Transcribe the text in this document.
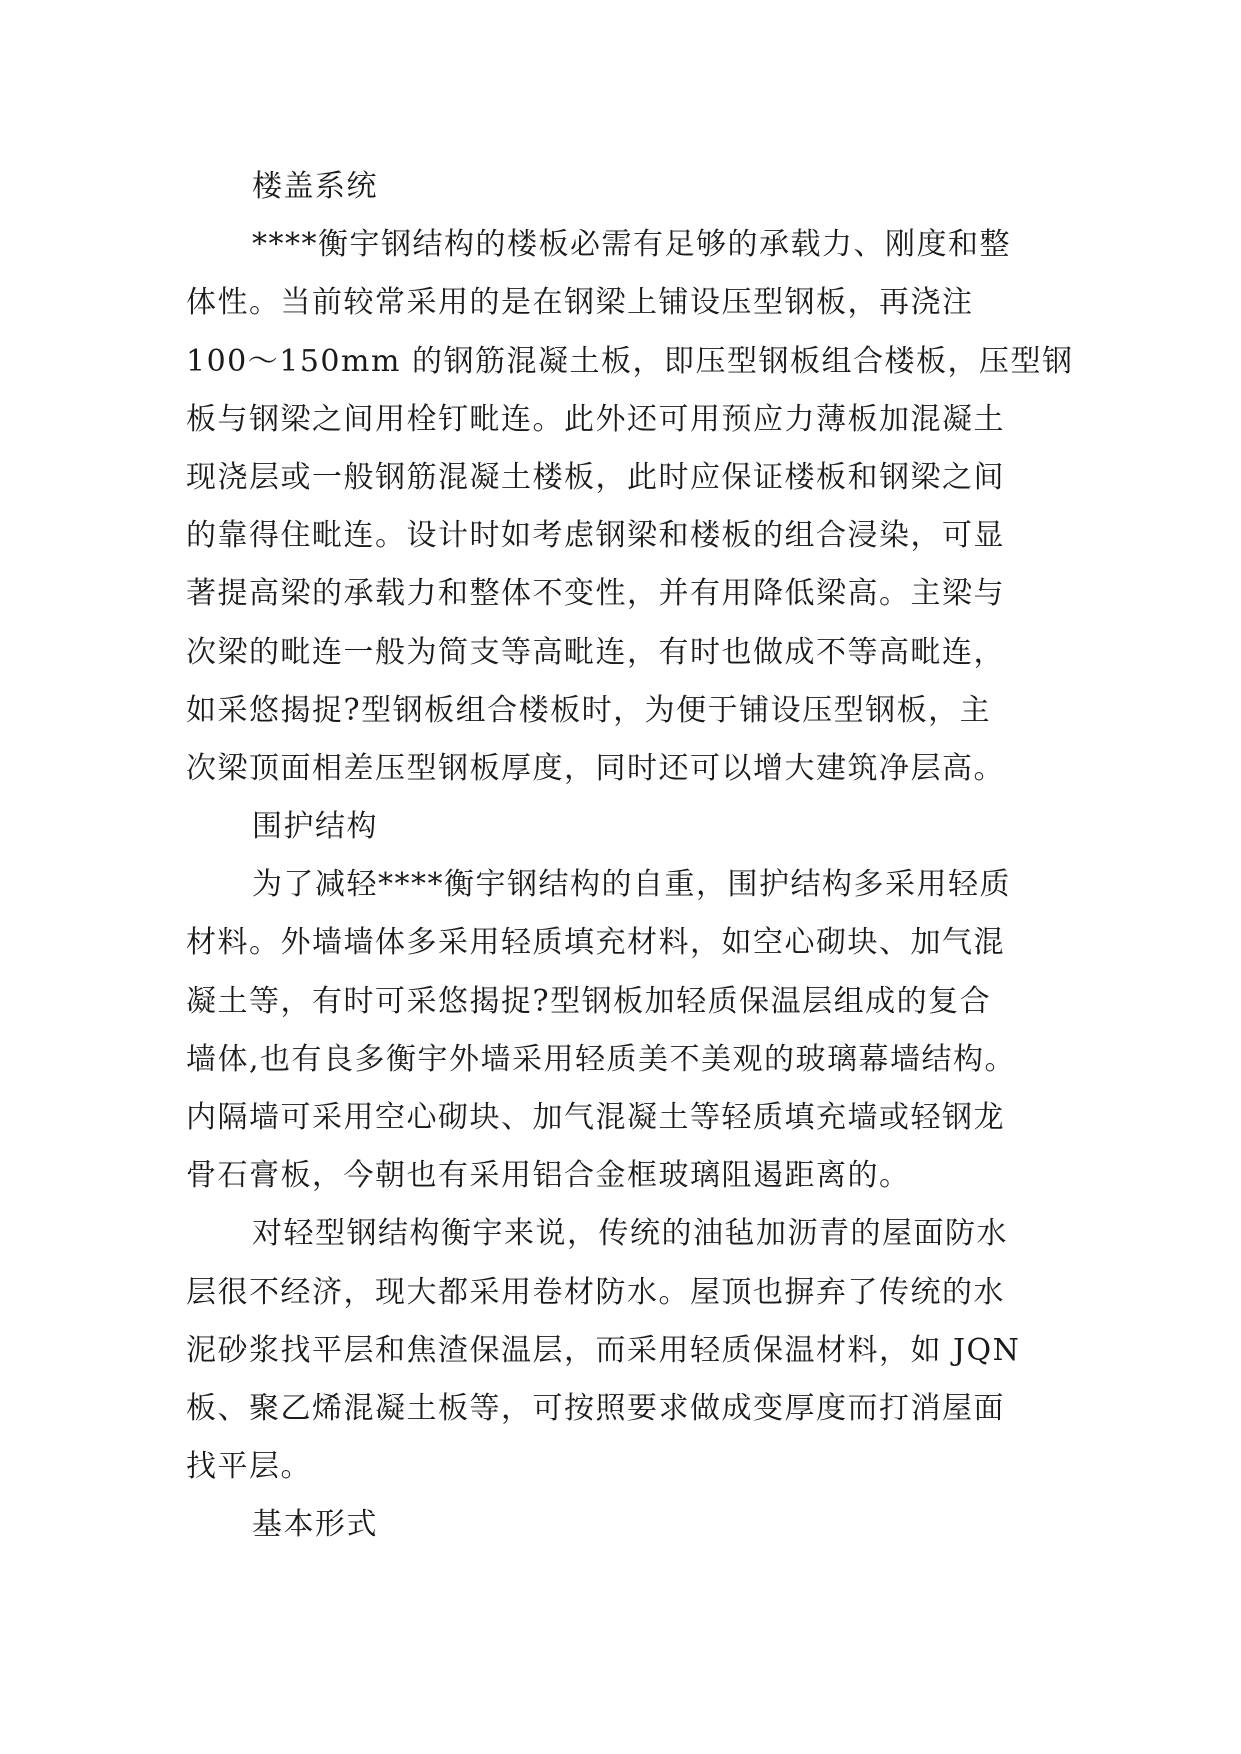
楼盖系统
****衡宇钢结构的楼板必需有足够的承载力、刚度和整
体性。当前较常采用的是在钢梁上铺设压型钢板，再浇注
100～150mm 的钢筋混凝土板，即压型钢板组合楼板，压型钢
板与钢梁之间用栓钉毗连。此外还可用预应力薄板加混凝土
现浇层或一般钢筋混凝土楼板，此时应保证楼板和钢梁之间
的靠得住毗连。设计时如考虑钢梁和楼板的组合浸染，可显
著提高梁的承载力和整体不变性，并有用降低梁高。主梁与
次梁的毗连一般为简支等高毗连，有时也做成不等高毗连，
如采悠揭捉?型钢板组合楼板时，为便于铺设压型钢板，主
次梁顶面相差压型钢板厚度，同时还可以增大建筑净层高。
围护结构
为了减轻****衡宇钢结构的自重，围护结构多采用轻质
材料。外墙墙体多采用轻质填充材料，如空心砌块、加气混
凝土等，有时可采悠揭捉?型钢板加轻质保温层组成的复合
墙体,也有良多衡宇外墙采用轻质美不美观的玻璃幕墙结构。
内隔墙可采用空心砌块、加气混凝土等轻质填充墙或轻钢龙
骨石膏板，今朝也有采用铝合金框玻璃阻遏距离的。
对轻型钢结构衡宇来说，传统的油毡加沥青的屋面防水
层很不经济，现大都采用卷材防水。屋顶也摒弃了传统的水
泥砂浆找平层和焦渣保温层，而采用轻质保温材料，如 JQN
板、聚乙烯混凝土板等，可按照要求做成变厚度而打消屋面
找平层。
基本形式
